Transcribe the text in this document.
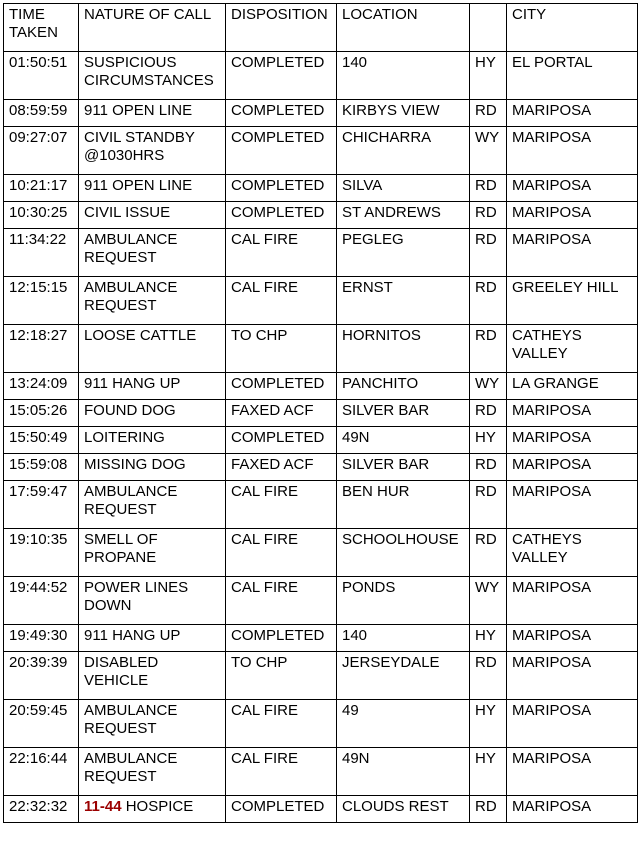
TIME TAKEN	NATURE OF CALL	DISPOSITION	LOCATION		CITY
01:50:51	SUSPICIOUS CIRCUMSTANCES	COMPLETED	140	HY	EL PORTAL
08:59:59	911 OPEN LINE	COMPLETED	KIRBYS VIEW	RD	MARIPOSA
09:27:07	CIVIL STANDBY @1030HRS	COMPLETED	CHICHARRA	WY	MARIPOSA
10:21:17	911 OPEN LINE	COMPLETED	SILVA	RD	MARIPOSA
10:30:25	CIVIL ISSUE	COMPLETED	ST ANDREWS	RD	MARIPOSA
11:34:22	AMBULANCE REQUEST	CAL FIRE	PEGLEG	RD	MARIPOSA
12:15:15	AMBULANCE REQUEST	CAL FIRE	ERNST	RD	GREELEY HILL
12:18:27	LOOSE CATTLE	TO CHP	HORNITOS	RD	CATHEYS VALLEY
13:24:09	911 HANG UP	COMPLETED	PANCHITO	WY	LA GRANGE
15:05:26	FOUND DOG	FAXED ACF	SILVER BAR	RD	MARIPOSA
15:50:49	LOITERING	COMPLETED	49N	HY	MARIPOSA
15:59:08	MISSING DOG	FAXED ACF	SILVER BAR	RD	MARIPOSA
17:59:47	AMBULANCE REQUEST	CAL FIRE	BEN HUR	RD	MARIPOSA
19:10:35	SMELL OF PROPANE	CAL FIRE	SCHOOLHOUSE	RD	CATHEYS VALLEY
19:44:52	POWER LINES DOWN	CAL FIRE	PONDS	WY	MARIPOSA
19:49:30	911 HANG UP	COMPLETED	140	HY	MARIPOSA
20:39:39	DISABLED VEHICLE	TO CHP	JERSEYDALE	RD	MARIPOSA
20:59:45	AMBULANCE REQUEST	CAL FIRE	49	HY	MARIPOSA
22:16:44	AMBULANCE REQUEST	CAL FIRE	49N	HY	MARIPOSA
22:32:32	11-44 HOSPICE	COMPLETED	CLOUDS REST	RD	MARIPOSA
